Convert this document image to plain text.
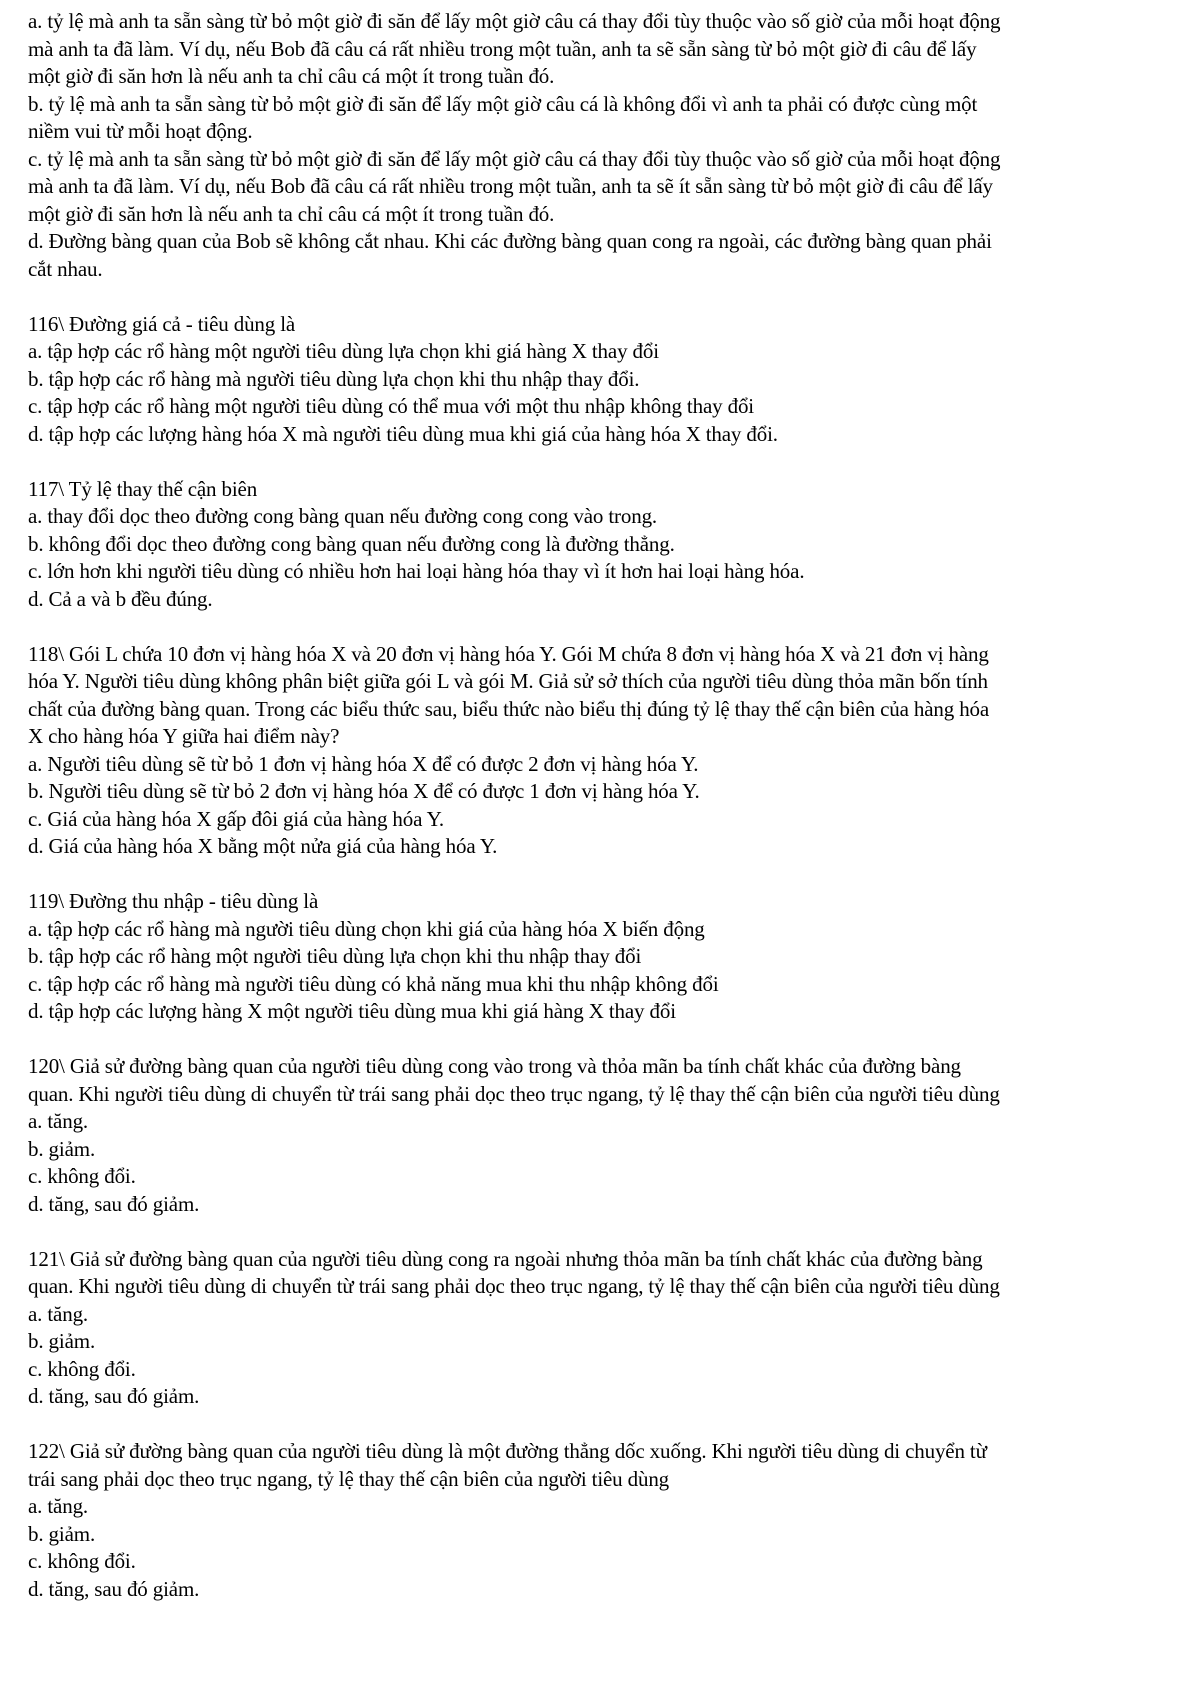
a. tỷ lệ mà anh ta sẵn sàng từ bỏ một giờ đi săn để lấy một giờ câu cá thay đổi tùy thuộc vào số giờ của mỗi hoạt động
mà anh ta đã làm. Ví dụ, nếu Bob đã câu cá rất nhiều trong một tuần, anh ta sẽ sẵn sàng từ bỏ một giờ đi câu để lấy
một giờ đi săn hơn là nếu anh ta chỉ câu cá một ít trong tuần đó.
b. tỷ lệ mà anh ta sẵn sàng từ bỏ một giờ đi săn để lấy một giờ câu cá là không đổi vì anh ta phải có được cùng một
niềm vui từ mỗi hoạt động.
c. tỷ lệ mà anh ta sẵn sàng từ bỏ một giờ đi săn để lấy một giờ câu cá thay đổi tùy thuộc vào số giờ của mỗi hoạt động
mà anh ta đã làm. Ví dụ, nếu Bob đã câu cá rất nhiều trong một tuần, anh ta sẽ ít sẵn sàng từ bỏ một giờ đi câu để lấy
một giờ đi săn hơn là nếu anh ta chỉ câu cá một ít trong tuần đó.
d. Đường bàng quan của Bob sẽ không cắt nhau. Khi các đường bàng quan cong ra ngoài, các đường bàng quan phải
cắt nhau.
116\ Đường giá cả - tiêu dùng là
a. tập hợp các rổ hàng một người tiêu dùng lựa chọn khi giá hàng X thay đổi
b. tập hợp các rổ hàng mà người tiêu dùng lựa chọn khi thu nhập thay đổi.
c. tập hợp các rổ hàng một người tiêu dùng có thể mua với một thu nhập không thay đổi
d. tập hợp các lượng hàng hóa X mà người tiêu dùng mua khi giá của hàng hóa X thay đổi.
117\ Tỷ lệ thay thế cận biên
a. thay đổi dọc theo đường cong bàng quan nếu đường cong cong vào trong.
b. không đổi dọc theo đường cong bàng quan nếu đường cong là đường thẳng.
c. lớn hơn khi người tiêu dùng có nhiều hơn hai loại hàng hóa thay vì ít hơn hai loại hàng hóa.
d. Cả a và b đều đúng.
118\ Gói L chứa 10 đơn vị hàng hóa X và 20 đơn vị hàng hóa Y. Gói M chứa 8 đơn vị hàng hóa X và 21 đơn vị hàng
hóa Y. Người tiêu dùng không phân biệt giữa gói L và gói M. Giả sử sở thích của người tiêu dùng thỏa mãn bốn tính
chất của đường bàng quan. Trong các biểu thức sau, biểu thức nào biểu thị đúng tỷ lệ thay thế cận biên của hàng hóa
X cho hàng hóa Y giữa hai điểm này?
a. Người tiêu dùng sẽ từ bỏ 1 đơn vị hàng hóa X để có được 2 đơn vị hàng hóa Y.
b. Người tiêu dùng sẽ từ bỏ 2 đơn vị hàng hóa X để có được 1 đơn vị hàng hóa Y.
c. Giá của hàng hóa X gấp đôi giá của hàng hóa Y.
d. Giá của hàng hóa X bằng một nửa giá của hàng hóa Y.
119\ Đường thu nhập - tiêu dùng là
a. tập hợp các rổ hàng mà người tiêu dùng chọn khi giá của hàng hóa X biến động
b. tập hợp các rổ hàng một người tiêu dùng lựa chọn khi thu nhập thay đổi
c. tập hợp các rổ hàng mà người tiêu dùng có khả năng mua khi thu nhập không đổi
d. tập hợp các lượng hàng X một người tiêu dùng mua khi giá hàng X thay đổi
120\ Giả sử đường bàng quan của người tiêu dùng cong vào trong và thỏa mãn ba tính chất khác của đường bàng
quan. Khi người tiêu dùng di chuyển từ trái sang phải dọc theo trục ngang, tỷ lệ thay thế cận biên của người tiêu dùng
a. tăng.
b. giảm.
c. không đổi.
d. tăng, sau đó giảm.
121\ Giả sử đường bàng quan của người tiêu dùng cong ra ngoài nhưng thỏa mãn ba tính chất khác của đường bàng
quan. Khi người tiêu dùng di chuyển từ trái sang phải dọc theo trục ngang, tỷ lệ thay thế cận biên của người tiêu dùng
a. tăng.
b. giảm.
c. không đổi.
d. tăng, sau đó giảm.
122\ Giả sử đường bàng quan của người tiêu dùng là một đường thẳng dốc xuống. Khi người tiêu dùng di chuyển từ
trái sang phải dọc theo trục ngang, tỷ lệ thay thế cận biên của người tiêu dùng
a. tăng.
b. giảm.
c. không đổi.
d. tăng, sau đó giảm.
